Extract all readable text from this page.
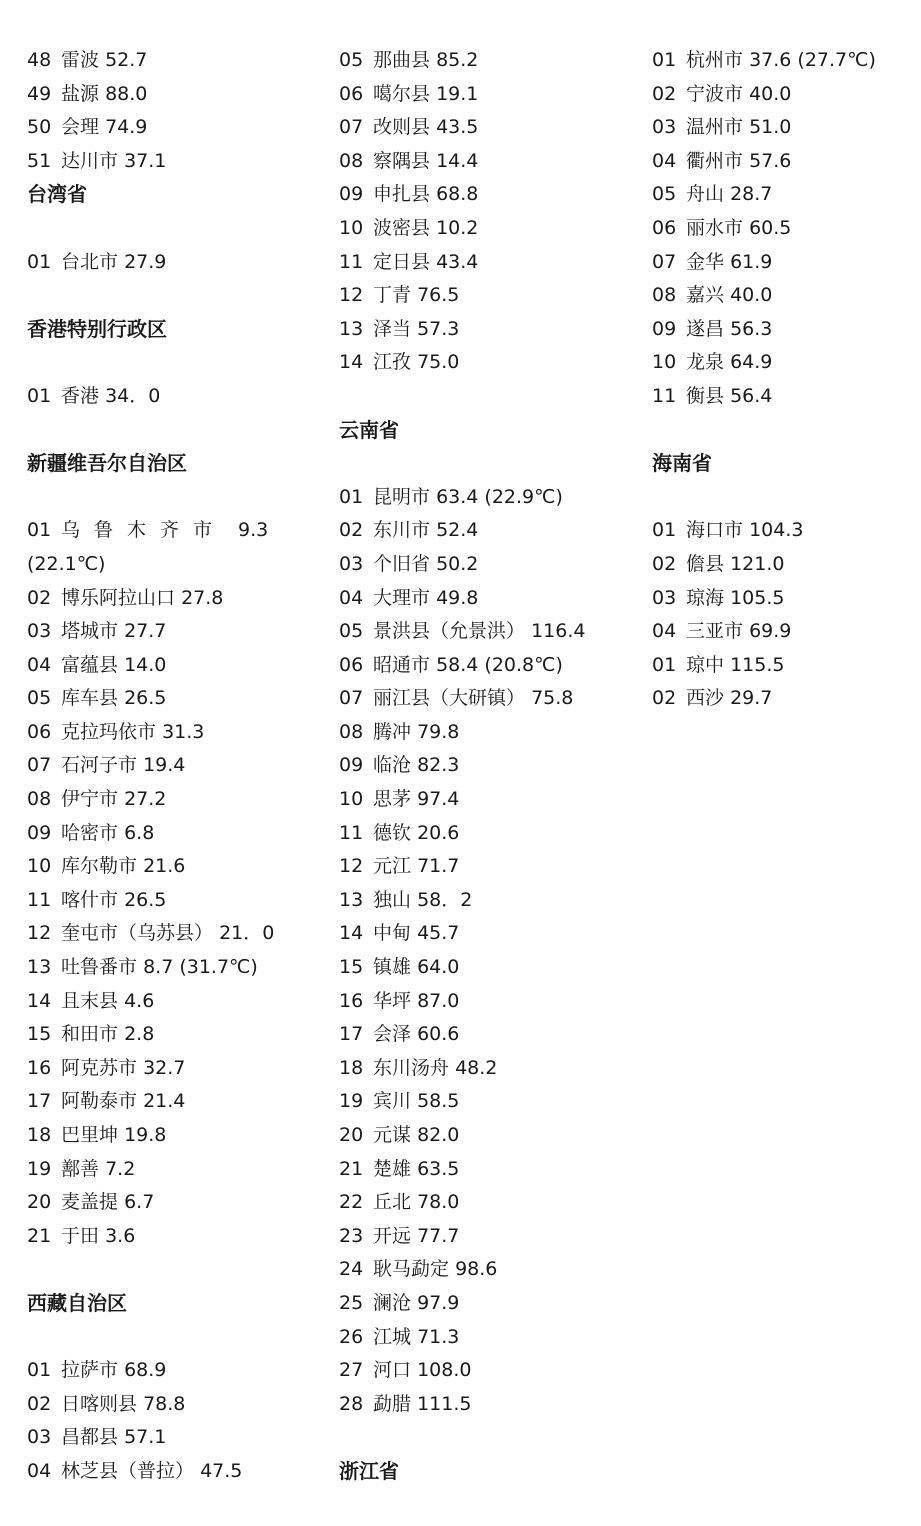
48 雷波 52.7
49 盐源 88.0
50 会理 74.9
51 达川市 37.1
台湾省
01 台北市 27.9
香港特别行政区
01 香港 34．0
新疆维吾尔自治区
01 乌鲁木齐市 9.3
(22.1℃)
02 博乐阿拉山口 27.8
03 塔城市 27.7
04 富蕴县 14.0
05 库车县 26.5
06 克拉玛依市 31.3
07 石河子市 19.4
08 伊宁市 27.2
09 哈密市 6.8
10 库尔勒市 21.6
11 喀什市 26.5
12 奎屯市（乌苏县） 21．0
13 吐鲁番市 8.7 (31.7℃)
14 且末县 4.6
15 和田市 2.8
16 阿克苏市 32.7
17 阿勒泰市 21.4
18 巴里坤 19.8
19 鄯善 7.2
20 麦盖提 6.7
21 于田 3.6
西藏自治区
01 拉萨市 68.9
02 日喀则县 78.8
03 昌都县 57.1
04 林芝县（普拉） 47.5
05 那曲县 85.2
06 噶尔县 19.1
07 改则县 43.5
08 察隅县 14.4
09 申扎县 68.8
10 波密县 10.2
11 定日县 43.4
12 丁青 76.5
13 泽当 57.3
14 江孜 75.0
云南省
01 昆明市 63.4 (22.9℃)
02 东川市 52.4
03 个旧省 50.2
04 大理市 49.8
05 景洪县（允景洪） 116.4
06 昭通市 58.4 (20.8℃)
07 丽江县（大研镇） 75.8
08 腾冲 79.8
09 临沧 82.3
10 思茅 97.4
11 德钦 20.6
12 元江 71.7
13 独山 58．2
14 中甸 45.7
15 镇雄 64.0
16 华坪 87.0
17 会泽 60.6
18 东川汤舟 48.2
19 宾川 58.5
20 元谋 82.0
21 楚雄 63.5
22 丘北 78.0
23 开远 77.7
24 耿马勐定 98.6
25 澜沧 97.9
26 江城 71.3
27 河口 108.0
28 勐腊 111.5
浙江省
01 杭州市 37.6 (27.7℃)
02 宁波市 40.0
03 温州市 51.0
04 衢州市 57.6
05 舟山 28.7
06 丽水市 60.5
07 金华 61.9
08 嘉兴 40.0
09 遂昌 56.3
10 龙泉 64.9
11 衡县 56.4
海南省
01 海口市 104.3
02 儋县 121.0
03 琼海 105.5
04 三亚市 69.9
01 琼中 115.5
02 西沙 29.7
